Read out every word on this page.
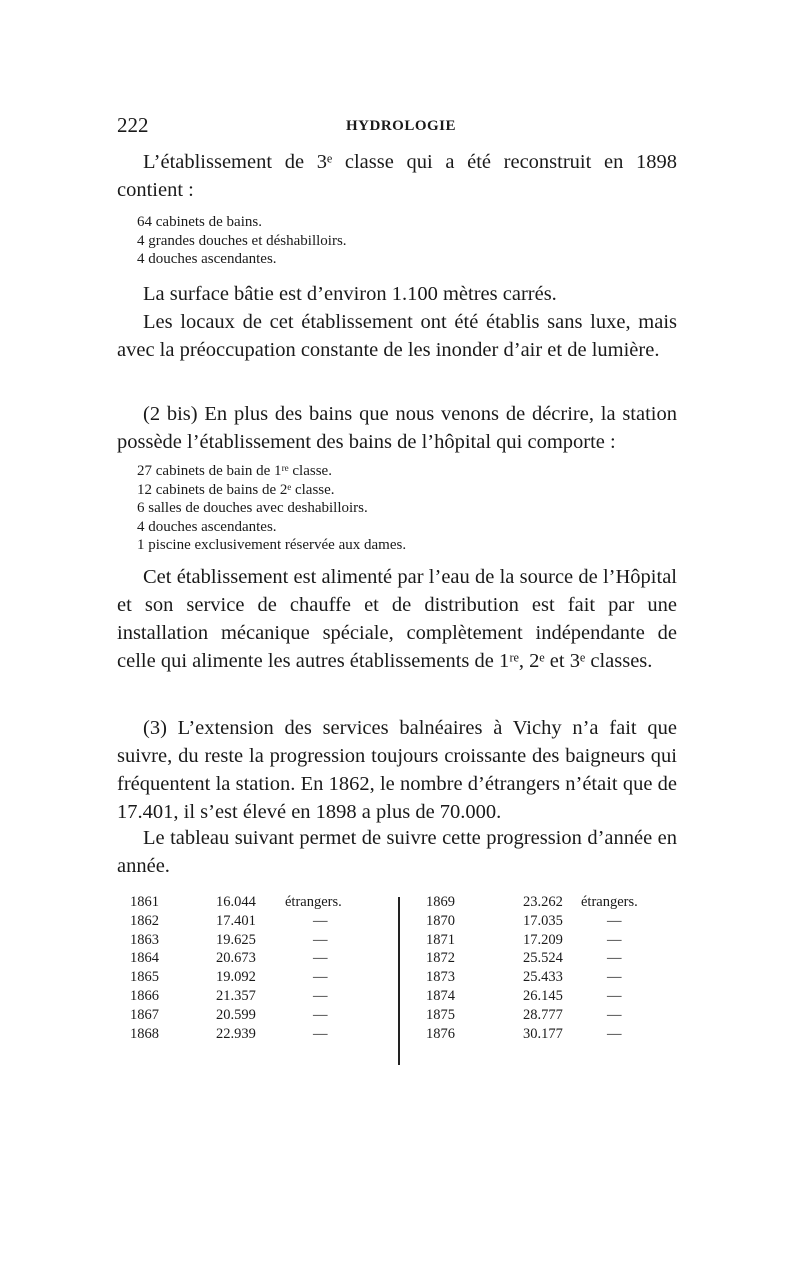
222	HYDROLOGIE
L’établissement de 3ᵉ classe qui a été reconstruit en 1898 contient :
64 cabinets de bains.
4 grandes douches et déshabilloirs.
4 douches ascendantes.
La surface bâtie est d’environ 1.100 mètres carrés.
Les locaux de cet établissement ont été établis sans luxe, mais avec la préoccupation constante de les inonder d’air et de lumière.
(2 bis) En plus des bains que nous venons de décrire, la station possède l’établissement des bains de l’hôpital qui comporte :
27 cabinets de bain de 1ʳᵉ classe.
12 cabinets de bains de 2ᵉ classe.
6 salles de douches avec deshabilloirs.
4 douches ascendantes.
1 piscine exclusivement réservée aux dames.
Cet établissement est alimenté par l’eau de la source de l’Hôpital et son service de chauffe et de distribution est fait par une installation mécanique spéciale, complètement indépendante de celle qui alimente les autres établissements de 1ʳᵉ, 2ᵉ et 3ᵉ classes.
(3) L’extension des services balnéaires à Vichy n’a fait que suivre, du reste la progression toujours croissante des baigneurs qui fréquentent la station. En 1862, le nombre d’étrangers n’était que de 17.401, il s’est élevé en 1898 a plus de 70.000.
Le tableau suivant permet de suivre cette progression d’année en année.
1861
1862
1863
1864
1865
1866
1867
1868
16.044
17.401
19.625
20.673
19.092
21.357
20.599
22.939
étrangers.
—
—
—
—
—
—
—
1869
1870
1871
1872
1873
1874
1875
1876
23.262
17.035
17.209
25.524
25.433
26.145
28.777
30.177
étrangers.
—
—
—
—
—
—
—
